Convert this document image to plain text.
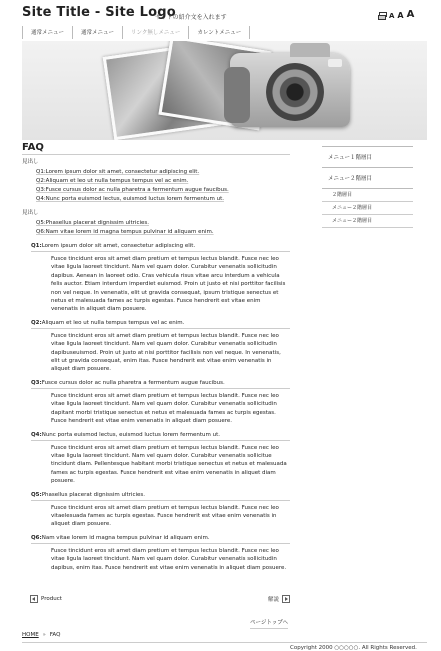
Site Title - Site Logo
サイトの紹介文を入れます	A A A
通常メニュー	通常メニュー	リンク無しメニュー	カレントメニュー
FAQ
見出し
Q1:Lorem ipsum dolor sit amet, consectetur adipiscing elit.
Q2:Aliquam et leo ut nulla tempus tempus vel ac enim.
Q3:Fusce cursus dolor ac nulla pharetra a fermentum augue faucibus.
Q4:Nunc porta euismod lectus, euismod luctus lorem fermentum ut.
見出し
Q5:Phasellus placerat dignissim ultricies.
Q6:Nam vitae lorem id magna tempus pulvinar id aliquam enim.
Q1:Lorem ipsum dolor sit amet, consectetur adipiscing elit.
Fusce tincidunt eros sit amet diam pretium et tempus lectus blandit. Fusce nec leo vitae ligula laoreet tincidunt. Nam vel quam dolor. Curabitur venenatis sollicitudin dapibus. Aenean in laoreet odio. Cras vehicula risus vitae arcu interdum a vehicula felis auctor. Etiam interdum imperdiet euismod. Proin ut justo et nisi porttitor facilisis non vel neque. In venenatis, elit ut gravida consequat, ipsum tristique senectus et netus et malesuada fames ac turpis egestas. Fusce hendrerit est vitae enim venenatis in aliquet diam posuere.
Q2:Aliquam et leo ut nulla tempus tempus vel ac enim.
Fusce tincidunt eros sit amet diam pretium et tempus lectus blandit. Fusce nec leo vitae ligula laoreet tincidunt. Nam vel quam dolor. Curabitur venenatis sollicitudin dapibuseuismod. Proin ut justo at nisi porttitor facilisis non vel neque. In venenatis, elit ut gravida consequat, enim itas. Fusce hendrerit est vitae enim venenatis in aliquet diam posuere.
Q3:Fusce cursus dolor ac nulla pharetra a fermentum augue faucibus.
Fusce tincidunt eros sit amet diam pretium et tempus lectus blandit. Fusce nec leo vitae ligula laoreet tincidunt. Nam vel quam dolor. Curabitur venenatis sollicitudin dapitant morbi tristique senectus et netus et malesuada fames ac turpis egestas. Fusce hendrerit est vitae enim venenatis in aliquet diam posuere.
Q4:Nunc porta euismod lectus, euismod luctus lorem fermentum ut.
Fusce tincidunt eros sit amet diam pretium et tempus lectus blandit. Fusce nec leo vitae ligula laoreet tincidunt. Nam vel quam dolor. Curabitur venenatis sollicitue tincidunt diam. Pellentesque habitant morbi tristique senectus et netus et malesuada fames ac turpis egestas. Fusce hendrerit est vitae enim venenatis in aliquet diam posuere.
Q5:Phasellus placerat dignissim ultricies.
Fusce tincidunt eros sit amet diam pretium et tempus lectus blandit. Fusce nec leo vitaelesuada fames ac turpis egestas. Fusce hendrerit est vitae enim venenatis in aliquet diam posuere.
Q6:Nam vitae lorem id magna tempus pulvinar id aliquam enim.
Fusce tincidunt eros sit amet diam pretium et tempus lectus blandit. Fusce nec leo vitae ligula laoreet tincidunt. Nam vel quam dolor. Curabitur venenatis sollicitudin dapibus, enim itas. Fusce hendrerit est vitae enim venenatis in aliquet diam posuere.
Product	解説
ページトップへ
メニュー１階層目
メニュー２階層目
２階層目
メニュー２階層目
メニュー２階層目
HOME » FAQ
Copyright 2000 ○○○○○. All Rights Reserved.
